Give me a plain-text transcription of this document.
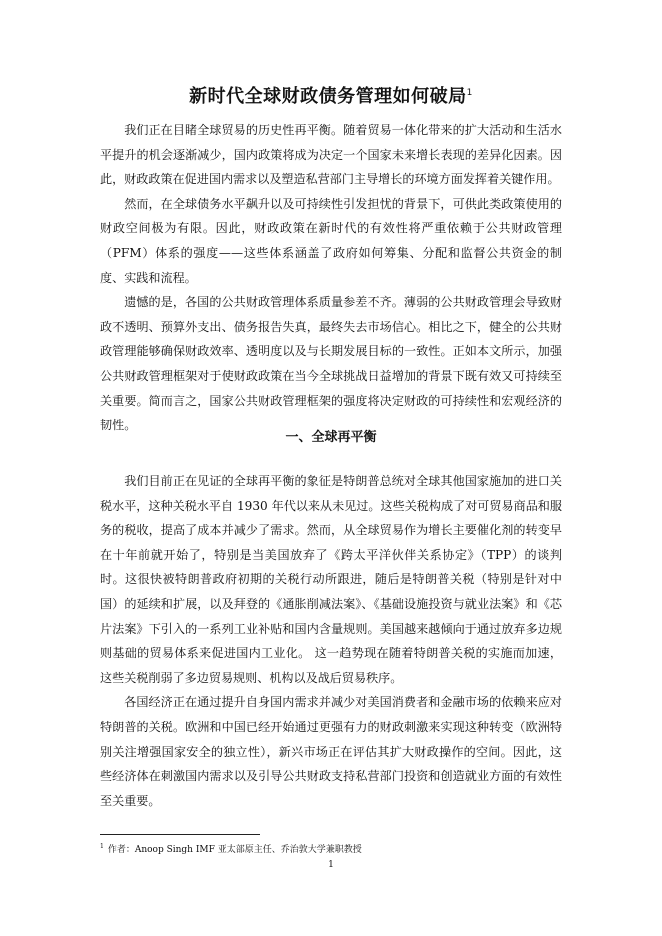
新时代全球财政债务管理如何破局$^1$

我们正在目睹全球贸易的历史性再平衡。随着贸易一体化带来的扩大活动和生活水平提升的机会逐渐减少，国内政策将成为决定一个国家未来增长表现的差异化因素。因此，财政政策在促进国内需求以及塑造私营部门主导增长的环境方面发挥着关键作用。

然而，在全球债务水平飙升以及可持续性引发担忧的背景下，可供此类政策使用的财政空间极为有限。因此，财政政策在新时代的有效性将严重依赖于公共财政管理（PFM）体系的强度——这些体系涵盖了政府如何筹集、分配和监督公共资金的制度、实践和流程。

遗憾的是，各国的公共财政管理体系质量参差不齐。薄弱的公共财政管理会导致财政不透明、预算外支出、债务报告失真，最终失去市场信心。相比之下，健全的公共财政管理能够确保财政效率、透明度以及与长期发展目标的一致性。正如本文所示，加强公共财政管理框架对于使财政政策在当今全球挑战日益增加的背景下既有效又可持续至关重要。简而言之，国家公共财政管理框架的强度将决定财政的可持续性和宏观经济的韧性。

一、全球再平衡

我们目前正在见证的全球再平衡的象征是特朗普总统对全球其他国家施加的进口关税水平，这种关税水平自 1930 年代以来从未见过。这些关税构成了对可贸易商品和服务的税收，提高了成本并减少了需求。然而，从全球贸易作为增长主要催化剂的转变早在十年前就开始了，特别是当美国放弃了《跨太平洋伙伴关系协定》（TPP）的谈判时。这很快被特朗普政府初期的关税行动所跟进，随后是特朗普关税（特别是针对中国）的延续和扩展，以及拜登的《通胀削减法案》、《基础设施投资与就业法案》和《芯片法案》下引入的一系列工业补贴和国内含量规则。美国越来越倾向于通过放弃多边规则基础的贸易体系来促进国内工业化。 这一趋势现在随着特朗普关税的实施而加速，这些关税削弱了多边贸易规则、机构以及战后贸易秩序。

各国经济正在通过提升自身国内需求并减少对美国消费者和金融市场的依赖来应对特朗普的关税。欧洲和中国已经开始通过更强有力的财政刺激来实现这种转变（欧洲特别关注增强国家安全的独立性），新兴市场正在评估其扩大财政操作的空间。因此，这些经济体在刺激国内需求以及引导公共财政支持私营部门投资和创造就业方面的有效性至关重要。

$^1$ 作者：Anoop Singh IMF 亚太部原主任、乔治敦大学兼职教授
1
